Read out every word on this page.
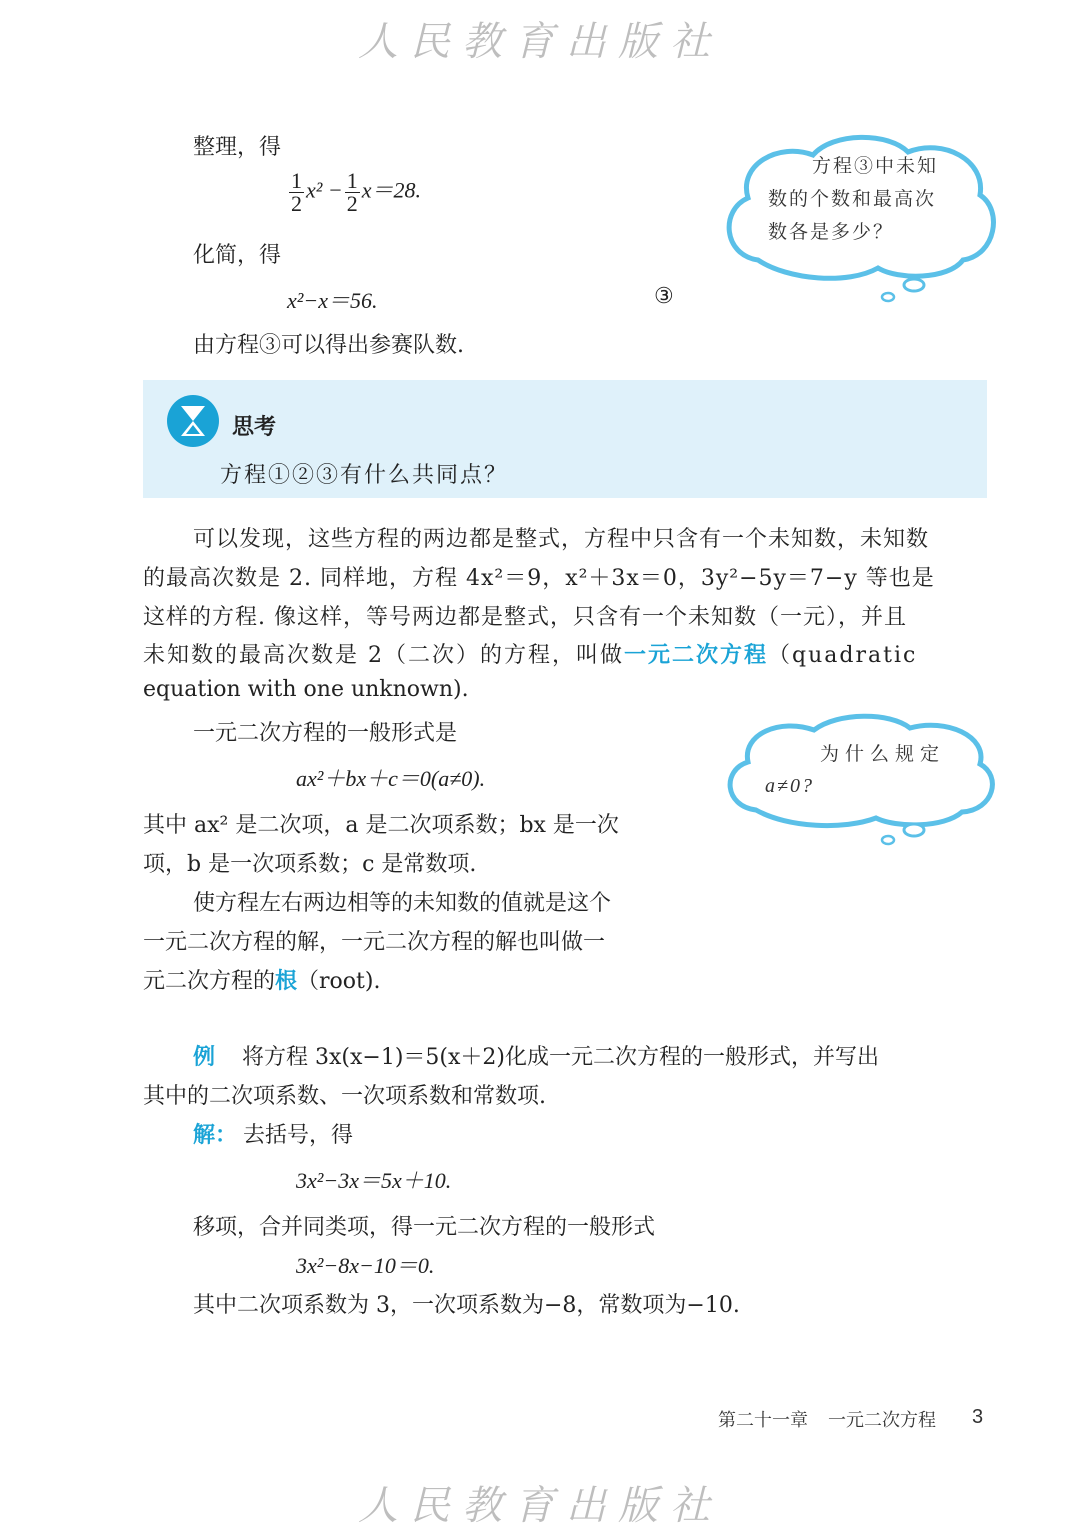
人民教育出版社
人民教育出版社
整理，得
$\frac{1}{2} x^2 - \frac{1}{2} x=28$.
化简，得
x²−x＝56.	③
由方程③可以得出参赛队数.
方程③中未知数的个数和最高次数各是多少？
思考
方程①②③有什么共同点？
可以发现，这些方程的两边都是整式，方程中只含有一个未知数，未知数
的最高次数是 2. 同样地，方程 4x²＝9，x²＋3x＝0，3y²−5y＝7−y 等也是
这样的方程. 像这样，等号两边都是整式，只含有一个未知数（一元），并且
未知数的最高次数是 2（二次）的方程，叫做一元二次方程（quadratic
equation with one unknown).
一元二次方程的一般形式是
ax²＋bx＋c＝0(a≠0).
其中 ax² 是二次项，a 是二次项系数；bx 是一次
项，b 是一次项系数；c 是常数项.
使方程左右两边相等的未知数的值就是这个
一元二次方程的解，一元二次方程的解也叫做一
元二次方程的根（root).
为什么规定
a≠0?
例 将方程 3x(x−1)＝5(x＋2)化成一元二次方程的一般形式，并写出
其中的二次项系数、一次项系数和常数项.
解： 去括号，得
3x²−3x＝5x＋10.
移项，合并同类项，得一元二次方程的一般形式
3x²−8x−10＝0.
其中二次项系数为 3，一次项系数为−8，常数项为−10.
第二十一章 一元二次方程 3
